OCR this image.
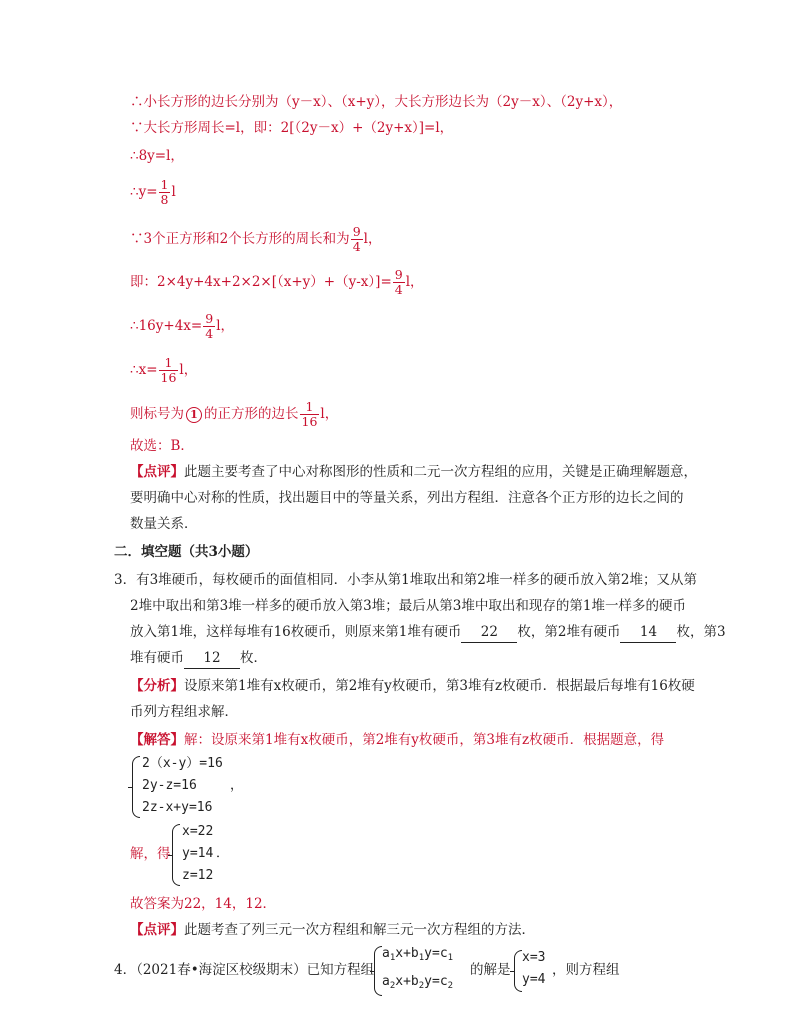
∴小长方形的边长分别为（y－x）、（x+y），大长方形边长为（2y－x）、（2y+x），
∵大长方形周长=l，即：2[（2y－x）+（2y+x）]=l，
∴8y=l，
∴y= $\frac{1}{8}$ l
∵3个正方形和2个长方形的周长和为 $\frac{9}{4}$ l，
即：$2\times 4y+4x+2\times 2\times[(x+y)+(y-x)]= \frac{9}{4}$ l，
∴16y+4x= $\frac{9}{4}$ l，
∴x= $\frac{1}{16}$ l，
则标号为 1 的正方形的边长 $\frac{1}{16}$ l，
故选：B．
【点评】此题主要考查了中心对称图形的性质和二元一次方程组的应用，关键是正确理解题意，
要明确中心对称的性质，找出题目中的等量关系，列出方程组．注意各个正方形的边长之间的
数量关系．
二．填空题（共3小题）
3．有3堆硬币，每枚硬币的面值相同．小李从第1堆取出和第2堆一样多的硬币放入第2堆；又从第
2堆中取出和第3堆一样多的硬币放入第3堆；最后从第3堆中取出和现存的第1堆一样多的硬币
放入第1堆，这样每堆有16枚硬币，则原来第1堆有硬币 22 枚，第2堆有硬币 14 枚，第3
堆有硬币 12 枚．
【分析】设原来第1堆有x枚硬币，第2堆有y枚硬币，第3堆有z枚硬币．根据最后每堆有16枚硬
币列方程组求解．
【解答】解：设原来第1堆有x枚硬币，第2堆有y枚硬币，第3堆有z枚硬币．根据题意，得
2（x-y）=16
2y-z=16
2z-x+y=16
，
解，得
x=22
y=14
z=12
．
故答案为22，14，12．
【点评】此题考查了列三元一次方程组和解三元一次方程组的方法．
4．（2021春•海淀区校级期末）已知方程组
$a_1x+b_1y=c_1$
$a_2x+b_2y=c_2$
的解是
x=3
y=4
，则方程组
